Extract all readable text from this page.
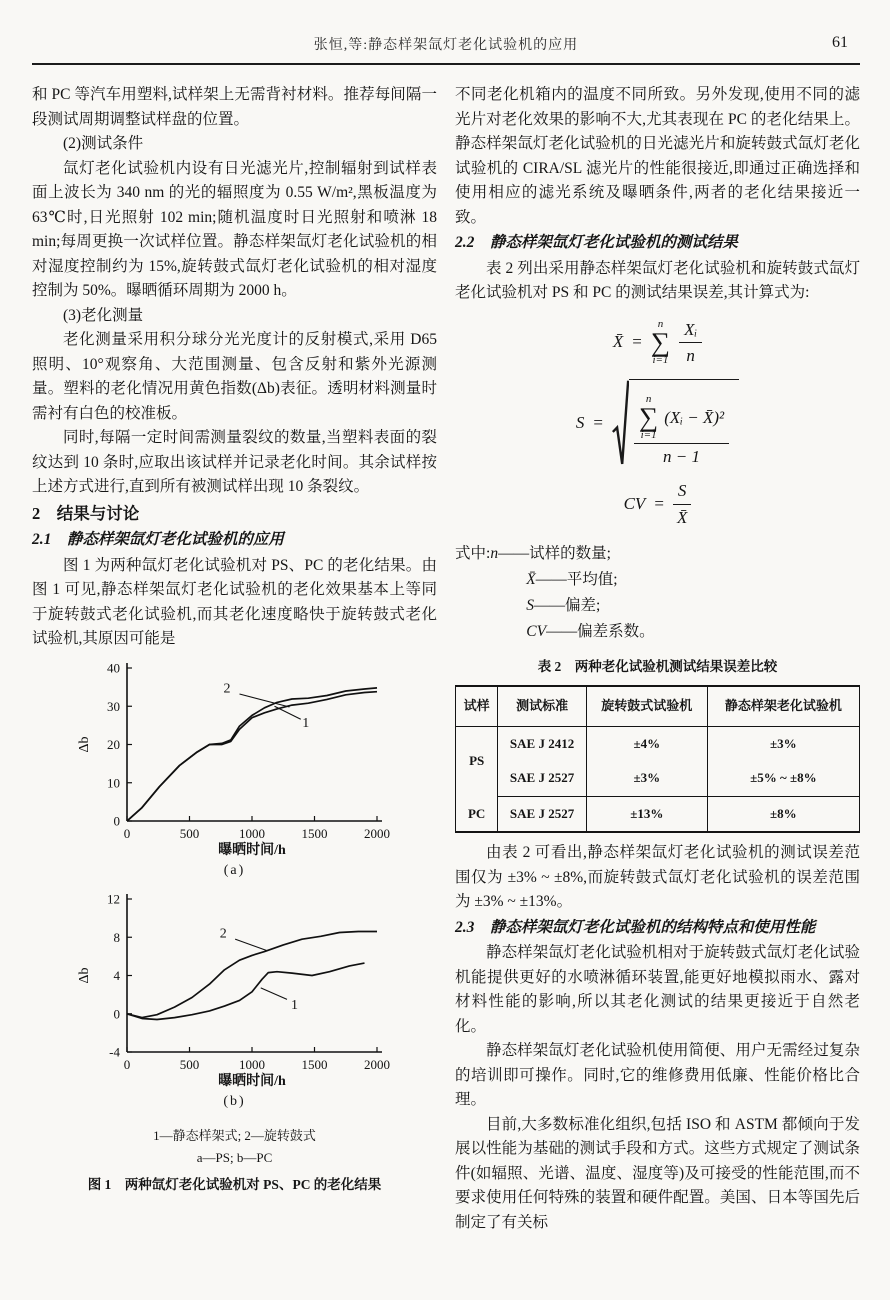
张恒,等:静态样架氙灯老化试验机的应用	61

和 PC 等汽车用塑料,试样架上无需背衬材料。推荐每间隔一段测试周期调整试样盘的位置。

(2)测试条件

氙灯老化试验机内设有日光滤光片,控制辐射到试样表面上波长为 340 nm 的光的辐照度为 0.55 W/m²,黑板温度为 63℃时,日光照射 102 min;随机温度时日光照射和喷淋 18 min;每周更换一次试样位置。静态样架氙灯老化试验机的相对湿度控制约为 15%,旋转鼓式氙灯老化试验机的相对湿度控制为 50%。曝晒循环周期为 2000 h。

(3)老化测量

老化测量采用积分球分光光度计的反射模式,采用 D65 照明、10°观察角、大范围测量、包含反射和紫外光源测量。塑料的老化情况用黄色指数(Δb)表征。透明材料测量时需衬有白色的校准板。

同时,每隔一定时间需测量裂纹的数量,当塑料表面的裂纹达到 10 条时,应取出该试样并记录老化时间。其余试样按上述方式进行,直到所有被测试样出现 10 条裂纹。

2　结果与讨论

2.1　静态样架氙灯老化试验机的应用

图 1 为两种氙灯老化试验机对 PS、PC 的老化结果。由图 1 可见,静态样架氙灯老化试验机的老化效果基本上等同于旋转鼓式老化试验机,而其老化速度略快于旋转鼓式老化试验机,其原因可能是

0
10
20
30
40
0	500	1000	1500	2000
Δb
曝晒时间/h
2
1
(a)
-4
0
4
8
12
0	500	1000	1500	2000
Δb
曝晒时间/h
2
1
(b)
1—静态样架式; 2—旋转鼓式
a—PS; b—PC
图 1　两种氙灯老化试验机对 PS、PC 的老化结果

不同老化机箱内的温度不同所致。另外发现,使用不同的滤光片对老化效果的影响不大,尤其表现在 PC 的老化结果上。静态样架氙灯老化试验机的日光滤光片和旋转鼓式氙灯老化试验机的 CIRA/SL 滤光片的性能很接近,即通过正确选择和使用相应的滤光系统及曝晒条件,两者的老化结果接近一致。

2.2　静态样架氙灯老化试验机的测试结果

表 2 列出采用静态样架氙灯老化试验机和旋转鼓式氙灯老化试验机对 PS 和 PC 的测试结果误差,其计算式为:

X̄ =
n
∑
$i=1 \frac{\text{Xᵢ}}{n}$
S =
n
∑
i=1
(Xᵢ − X̄)²
n − 1
CV = $\frac{S}{X̄}$

式中:n——试样的数量;

X̄——平均值;

S——偏差;

CV——偏差系数。

表 2　两种老化试验机测试结果误差比较
试样	测试标准	旋转鼓式试验机	静态样架老化试验机
PS	SAE J 2412	±4%	±3%
	SAE J 2527	±3%	±5% ~ ±8%
PC	SAE J 2527	±13%	±8%

由表 2 可看出,静态样架氙灯老化试验机的测试误差范围仅为 ±3% ~ ±8%,而旋转鼓式氙灯老化试验机的误差范围为 ±3% ~ ±13%。

2.3　静态样架氙灯老化试验机的结构特点和使用性能

静态样架氙灯老化试验机相对于旋转鼓式氙灯老化试验机能提供更好的水喷淋循环装置,能更好地模拟雨水、露对材料性能的影响,所以其老化测试的结果更接近于自然老化。

静态样架氙灯老化试验机使用简便、用户无需经过复杂的培训即可操作。同时,它的维修费用低廉、性能价格比合理。

目前,大多数标准化组织,包括 ISO 和 ASTM 都倾向于发展以性能为基础的测试手段和方式。这些方式规定了测试条件(如辐照、光谱、温度、湿度等)及可接受的性能范围,而不要求使用任何特殊的装置和硬件配置。美国、日本等国先后制定了有关标
